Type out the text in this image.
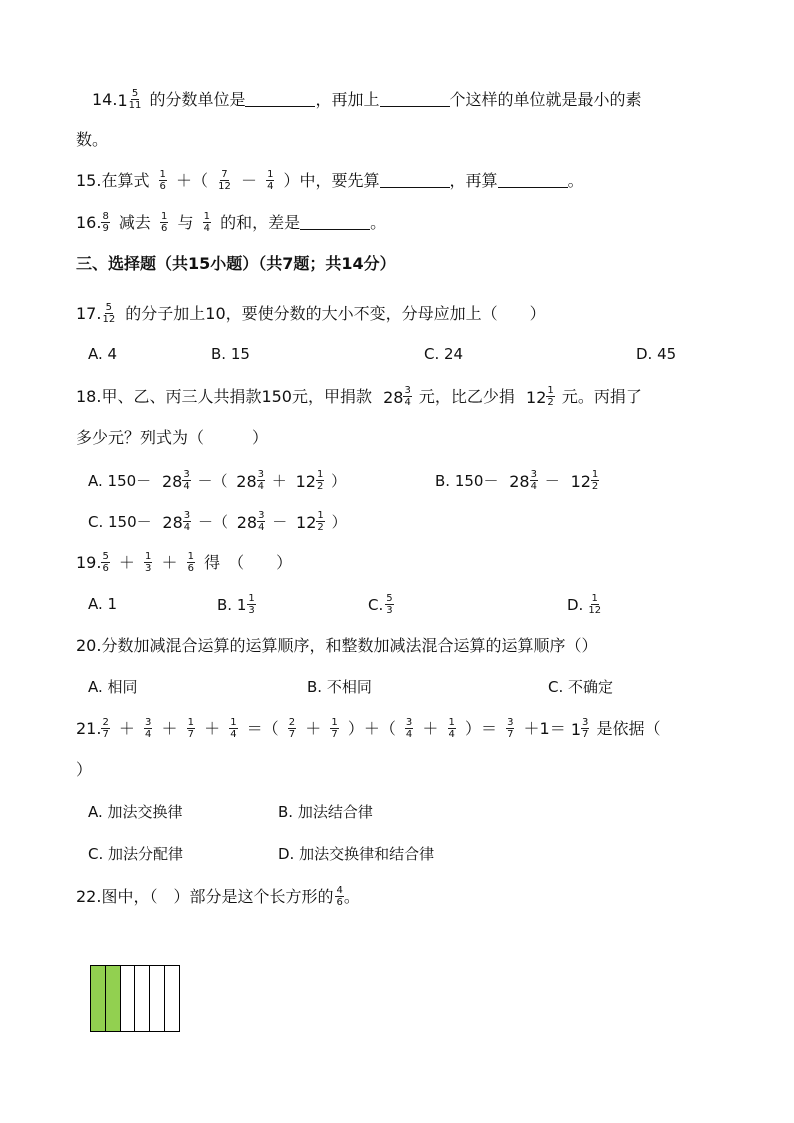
14. $1 \frac{5}{11}$ 的分数单位是	，再加上	个这样的单位就是最小的素
数。
15.在算式 $\frac{1}{6}$ ＋（ $\frac{7}{12} - \frac{1}{4}$ ）中，要先算	，再算	。
16. $\frac{8}{9}$ 减去 $\frac{1}{6}$ 与 $\frac{1}{4}$ 的和，差是	。
三、选择题（共15小题）（共7题；共14分）
17. $\frac{5}{12}$ 的分子加上10，要使分数的大小不变，分母应加上（　　）
A. 4	B. 15	C. 24	D. 45
18.甲、乙、丙三人共捐款150元，甲捐款 $28 \frac{3}{4}$ 元，比乙少捐 $12 \frac{1}{2}$ 元。丙捐了
多少元？列式为（　　　）
A. $150- 28 \frac{3}{4}$ －（ $28 \frac{3}{4} + 12 \frac{1}{2}$ ）	B. $150- 28 \frac{3}{4} - 12 \frac{1}{2}$
C. $150- 28 \frac{3}{4}$ －（ $28 \frac{3}{4} - 12 \frac{1}{2}$ ）
19. $\frac{5}{6} + \frac{1}{3} + \frac{1}{6}$ 得　（　　）
A. 1	B. $1 \frac{1}{3}$	C. $\frac{5}{3}$	D. $\frac{1}{12}$
20.分数加减混合运算的运算顺序，和整数加减法混合运算的运算顺序（）
A. 相同	B. 不相同	C. 不确定
21. $\frac{2}{7} + \frac{3}{4} + \frac{1}{7} + \frac{1}{4}$ ＝（ $\frac{2}{7} + \frac{1}{7}$ ）＋（ $\frac{3}{4} + \frac{1}{4}$ ）＝ $\frac{3}{7} +1= 1 \frac{3}{7}$ 是依据（
）
A. 加法交换律	B. 加法结合律
C. 加法分配律	D. 加法交换律和结合律
22.图中，（　）部分是这个长方形的 $\frac{4}{6}$ 。
